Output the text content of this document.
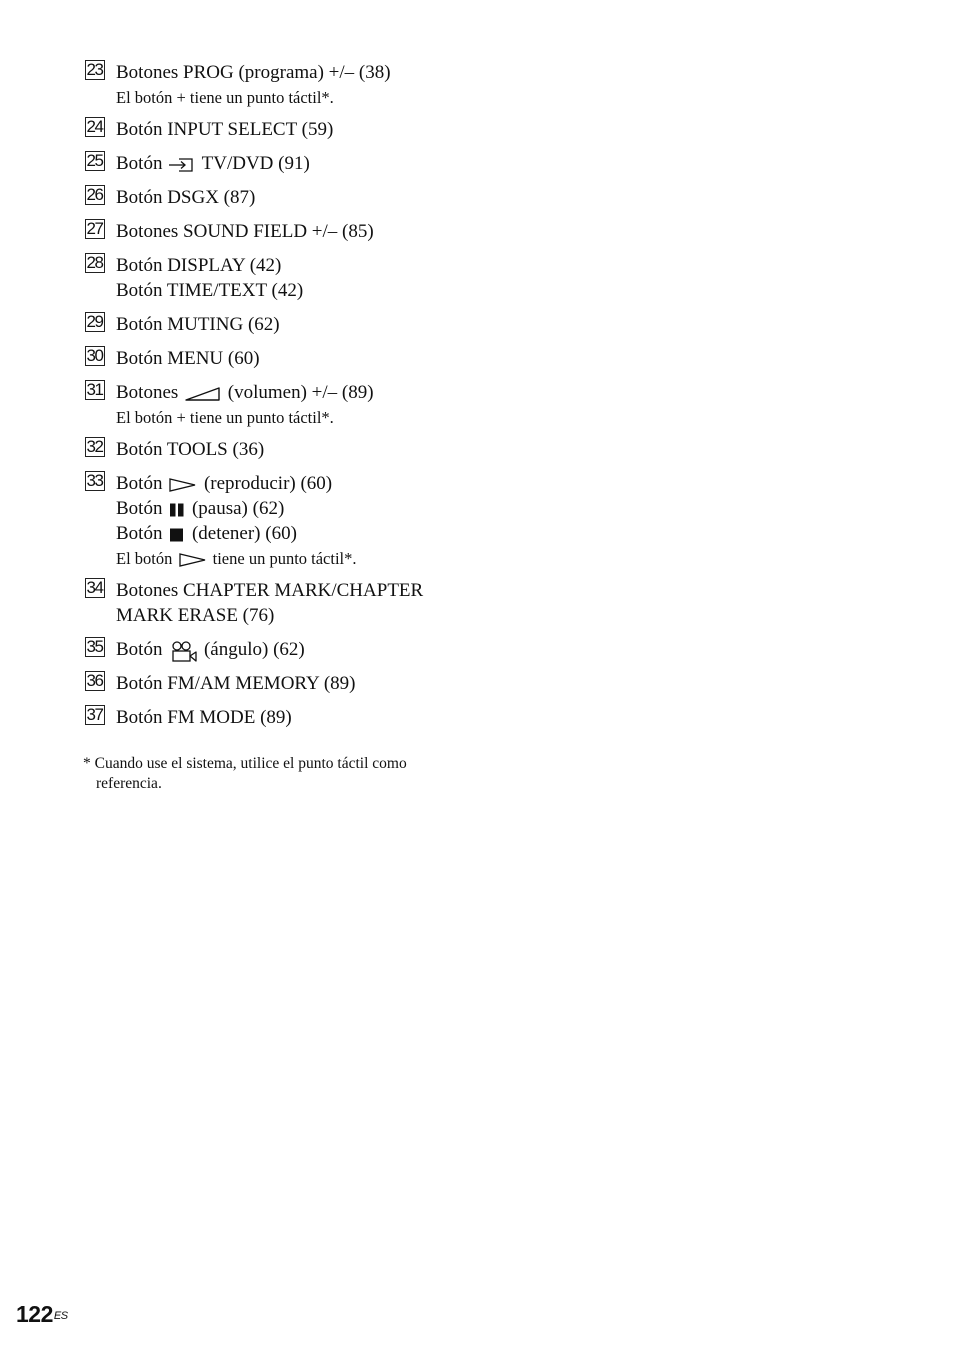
23 Botones PROG (programa) +/– (38)
El botón + tiene un punto táctil*.
24 Botón INPUT SELECT (59)
25 Botón TV/DVD (91)
26 Botón DSGX (87)
27 Botones SOUND FIELD +/– (85)
28 Botón DISPLAY (42)
Botón TIME/TEXT (42)
29 Botón MUTING (62)
30 Botón MENU (60)
31 Botones	(volumen) +/– (89)
El botón + tiene un punto táctil*.
32 Botón TOOLS (36)
33 Botón (reproducir) (60)
Botón (pausa) (62)
Botón (detener) (60)
El botón tiene un punto táctil*.
34 Botones CHAPTER MARK/CHAPTER
MARK ERASE (76)
35 Botón (ángulo) (62)
36 Botón FM/AM MEMORY (89)
37 Botón FM MODE (89)
* Cuando use el sistema, utilice el punto táctil como
referencia.
$122^{ES}$
